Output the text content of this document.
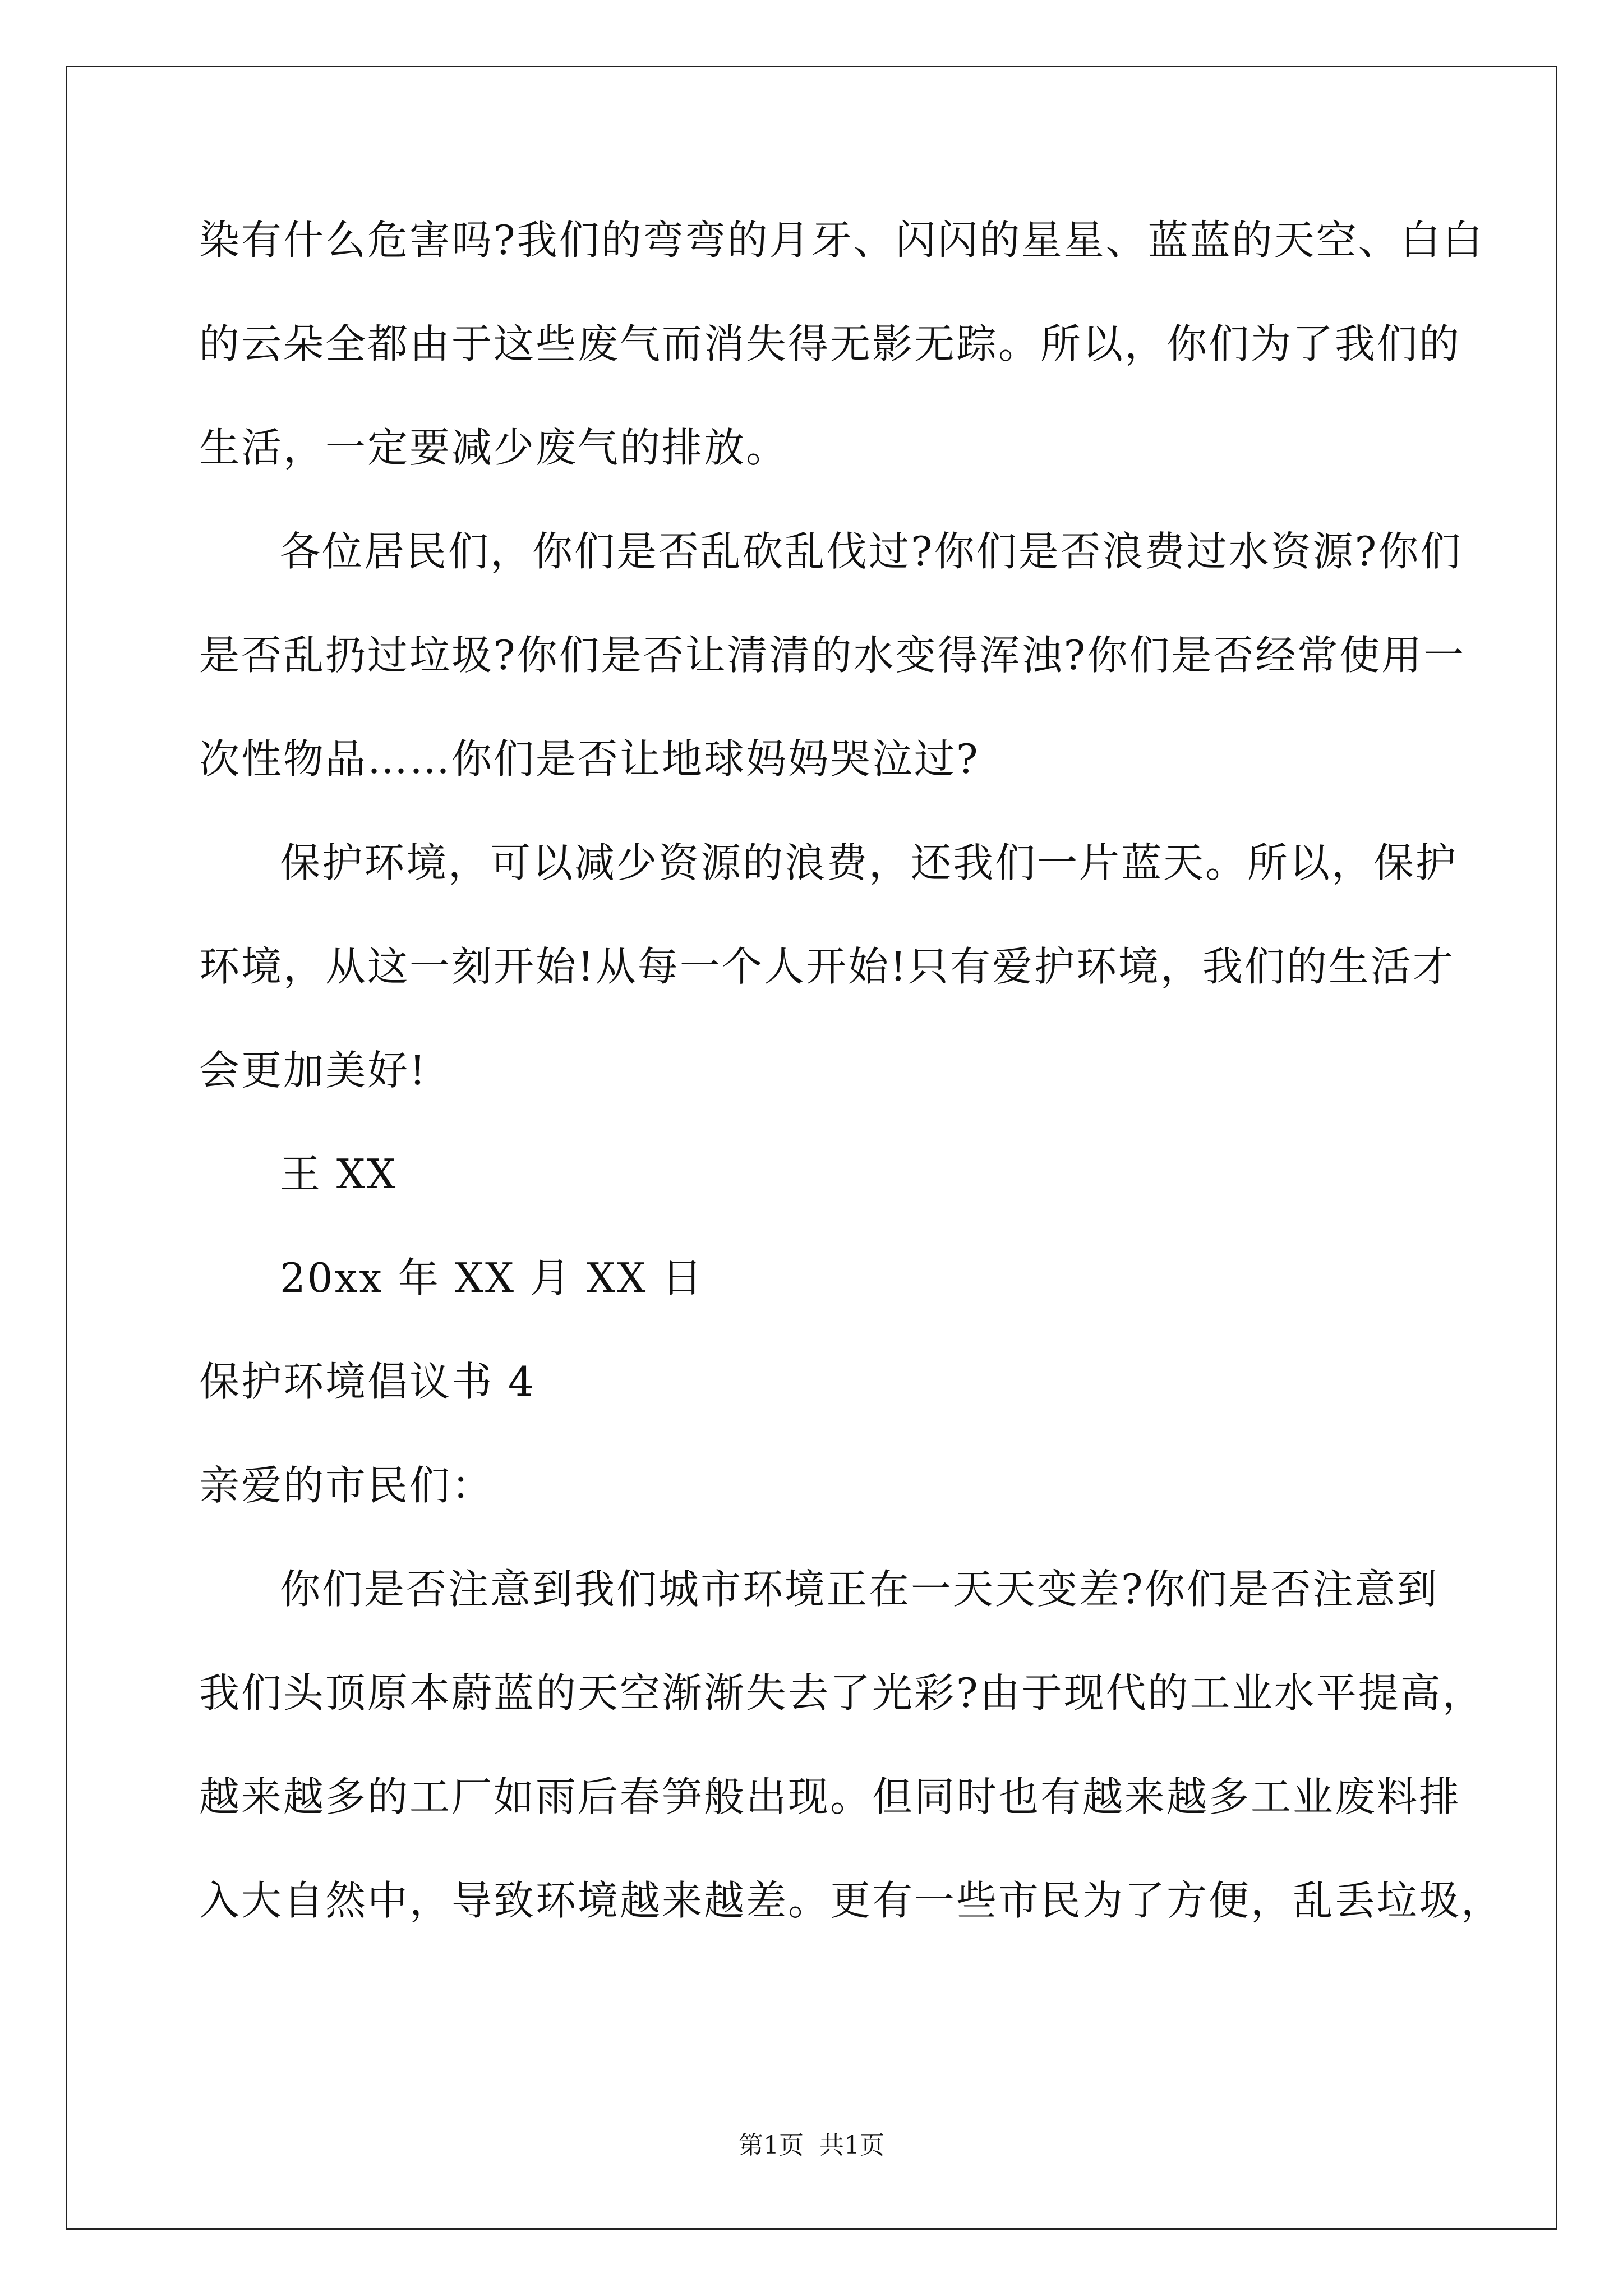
染有什么危害吗?我们的弯弯的月牙、闪闪的星星、蓝蓝的天空、白白
的云朵全都由于这些废气而消失得无影无踪。所以，你们为了我们的
生活，一定要减少废气的排放。
各位居民们，你们是否乱砍乱伐过?你们是否浪费过水资源?你们
是否乱扔过垃圾?你们是否让清清的水变得浑浊?你们是否经常使用一
次性物品……你们是否让地球妈妈哭泣过?
保护环境，可以减少资源的浪费，还我们一片蓝天。所以，保护
环境，从这一刻开始!从每一个人开始!只有爱护环境，我们的生活才
会更加美好!
王 XX
20xx 年 XX 月 XX 日
保护环境倡议书 4
亲爱的市民们：
你们是否注意到我们城市环境正在一天天变差?你们是否注意到
我们头顶原本蔚蓝的天空渐渐失去了光彩?由于现代的工业水平提高，
越来越多的工厂如雨后春笋般出现。但同时也有越来越多工业废料排
入大自然中，导致环境越来越差。更有一些市民为了方便，乱丢垃圾，
第1页 共1页
